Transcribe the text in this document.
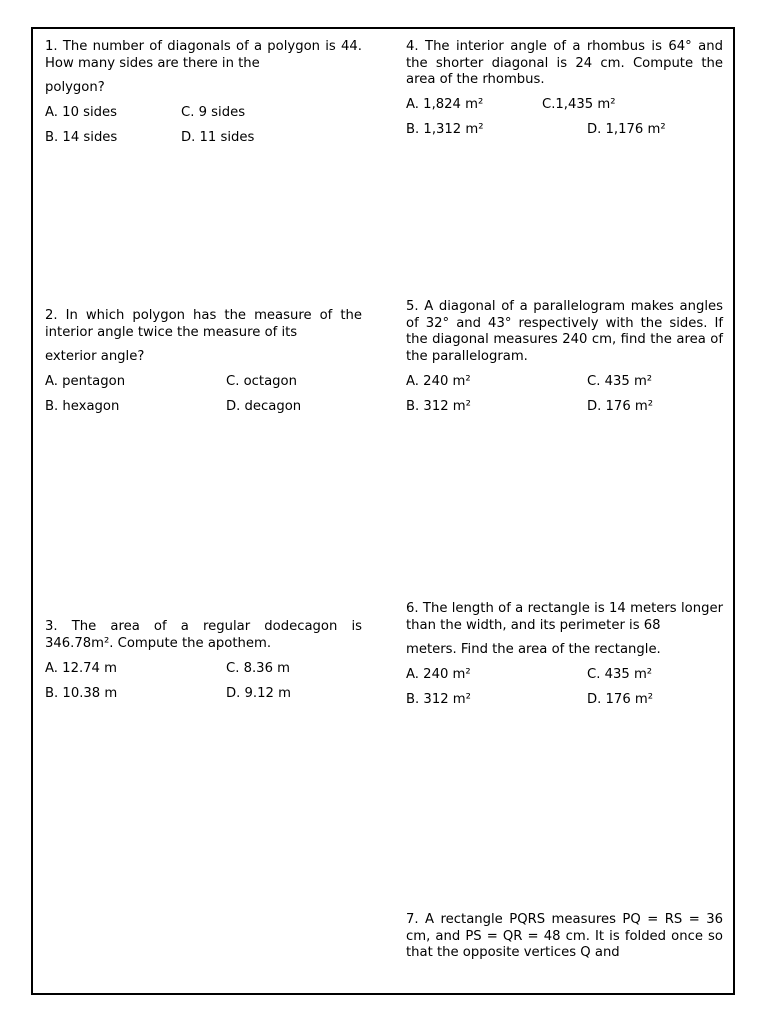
1. The number of diagonals of a polygon is 44. How many sides are there in the

polygon?

A. 10 sides	C. 9 sides
B. 14 sides	D. 11 sides

2. In which polygon has the measure of the interior angle twice the measure of its

exterior angle?

A. pentagon	C. octagon
B. hexagon	D. decagon

3. The area of a regular dodecagon is 346.78m². Compute the apothem.

A. 12.74 m	C. 8.36 m
B. 10.38 m	D. 9.12 m

4. The interior angle of a rhombus is 64° and the shorter diagonal is 24 cm. Compute the area of the rhombus.

A. 1,824 m²	C.1,435 m²
B. 1,312 m²	D. 1,176 m²

5. A diagonal of a parallelogram makes angles of 32° and 43° respectively with the sides. If the diagonal measures 240 cm, find the area of the parallelogram.

A. 240 m²	C. 435 m²
B. 312 m²	D. 176 m²

6. The length of a rectangle is 14 meters longer than the width, and its perimeter is 68

meters. Find the area of the rectangle.

A. 240 m²	C. 435 m²
B. 312 m²	D. 176 m²

7. A rectangle PQRS measures PQ = RS = 36 cm, and PS = QR = 48 cm. It is folded once so that the opposite vertices Q and
